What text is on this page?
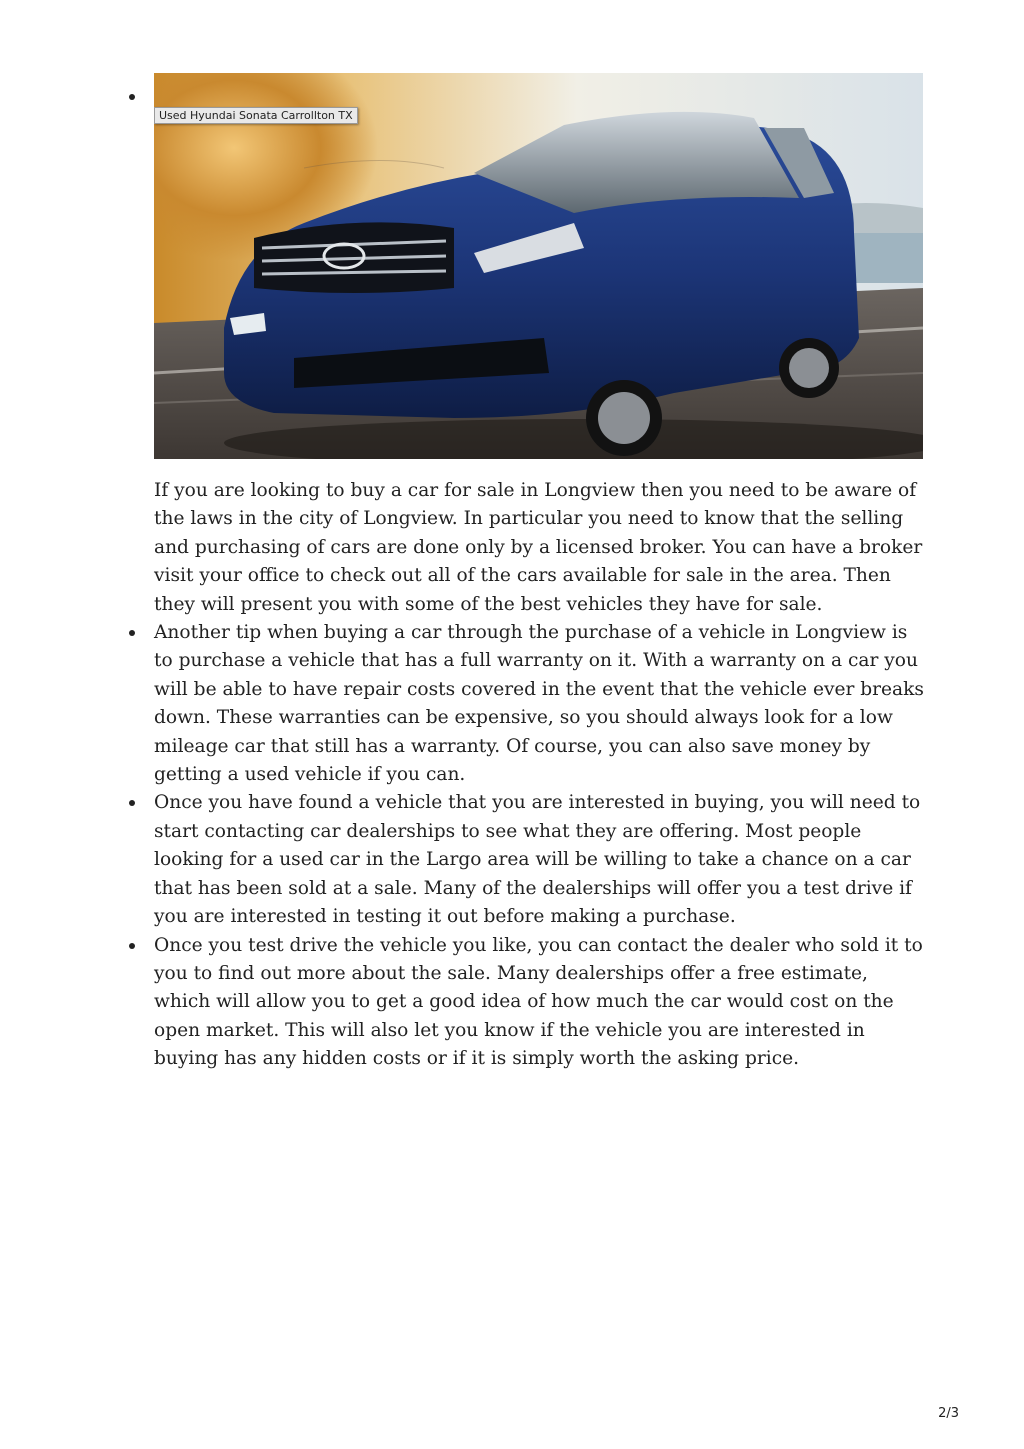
Used Hyundai Sonata Carrollton TX

If you are looking to buy a car for sale in Longview then you need to be aware of the laws in the city of Longview. In particular you need to know that the selling and purchasing of cars are done only by a licensed broker. You can have a broker visit your office to check out all of the cars available for sale in the area. Then they will present you with some of the best vehicles they have for sale.

Another tip when buying a car through the purchase of a vehicle in Longview is to purchase a vehicle that has a full warranty on it. With a warranty on a car you will be able to have repair costs covered in the event that the vehicle ever breaks down. These warranties can be expensive, so you should always look for a low mileage car that still has a warranty. Of course, you can also save money by getting a used vehicle if you can.

Once you have found a vehicle that you are interested in buying, you will need to start contacting car dealerships to see what they are offering. Most people looking for a used car in the Largo area will be willing to take a chance on a car that has been sold at a sale. Many of the dealerships will offer you a test drive if you are interested in testing it out before making a purchase.

Once you test drive the vehicle you like, you can contact the dealer who sold it to you to find out more about the sale. Many dealerships offer a free estimate, which will allow you to get a good idea of how much the car would cost on the open market. This will also let you know if the vehicle you are interested in buying has any hidden costs or if it is simply worth the asking price.

2/3
